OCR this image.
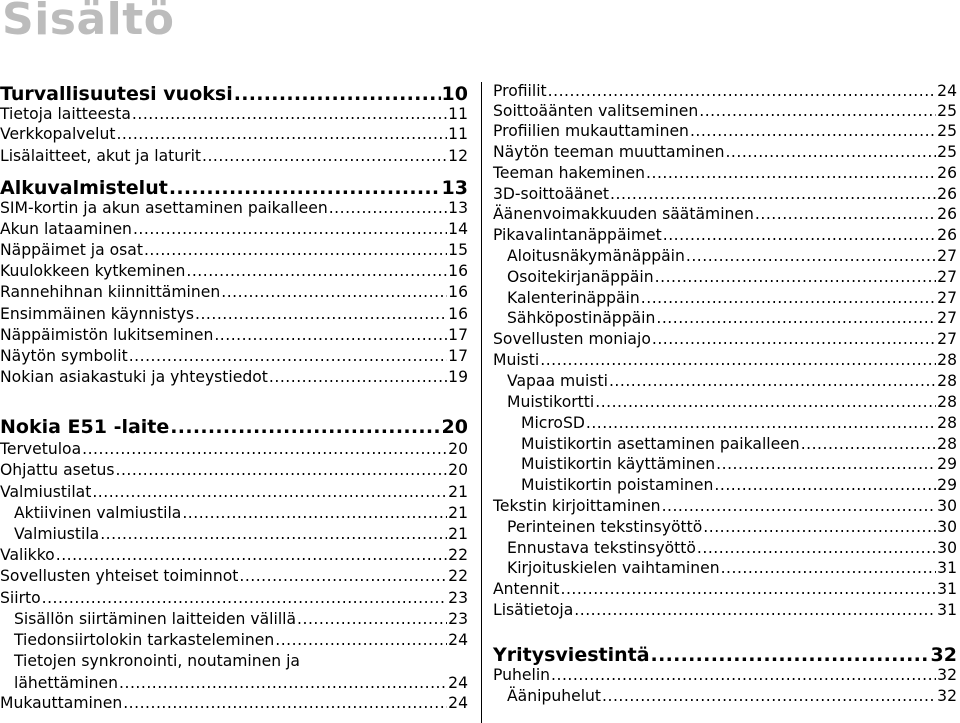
Sisältö
Turvallisuutesi vuoksi .....	10
Tietoja laitteesta .....	11
Verkkopalvelut .....	11
Lisälaitteet, akut ja laturit .....	12
Alkuvalmistelut .....	13
SIM-kortin ja akun asettaminen paikalleen .....	13
Akun lataaminen .....	14
Näppäimet ja osat .....	15
Kuulokkeen kytkeminen .....	16
Rannehihnan kiinnittäminen .....	16
Ensimmäinen käynnistys .....	16
Näppäimistön lukitseminen .....	17
Näytön symbolit .....	17
Nokian asiakastuki ja yhteystiedot .....	19
Nokia E51 -laite .....	20
Tervetuloa .....	20
Ohjattu asetus .....	20
Valmiustilat .....	21
Aktiivinen valmiustila .....	21
Valmiustila .....	21
Valikko .....	22
Sovellusten yhteiset toiminnot .....	22
Siirto .....	23
Sisällön siirtäminen laitteiden välillä .....	23
Tiedonsiirtolokin tarkasteleminen .....	24
Tietojen synkronointi, noutaminen ja
lähettäminen .....	24
Mukauttaminen .....	24
Profiilit .....	24
Soittoäänten valitseminen .....	25
Profiilien mukauttaminen .....	25
Näytön teeman muuttaminen .....	25
Teeman hakeminen .....	26
3D-soittoäänet .....	26
Äänenvoimakkuuden säätäminen .....	26
Pikavalintanäppäimet .....	26
Aloitusnäkymänäppäin .....	27
Osoitekirjanäppäin .....	27
Kalenterinäppäin .....	27
Sähköpostinäppäin .....	27
Sovellusten moniajo .....	27
Muisti .....	28
Vapaa muisti .....	28
Muistikortti .....	28
MicroSD .....	28
Muistikortin asettaminen paikalleen .....	28
Muistikortin käyttäminen .....	29
Muistikortin poistaminen .....	29
Tekstin kirjoittaminen .....	30
Perinteinen tekstinsyöttö .....	30
Ennustava tekstinsyöttö .....	30
Kirjoituskielen vaihtaminen .....	31
Antennit .....	31
Lisätietoja .....	31
Yritysviestintä .....	32
Puhelin .....	32
Äänipuhelut .....	32
